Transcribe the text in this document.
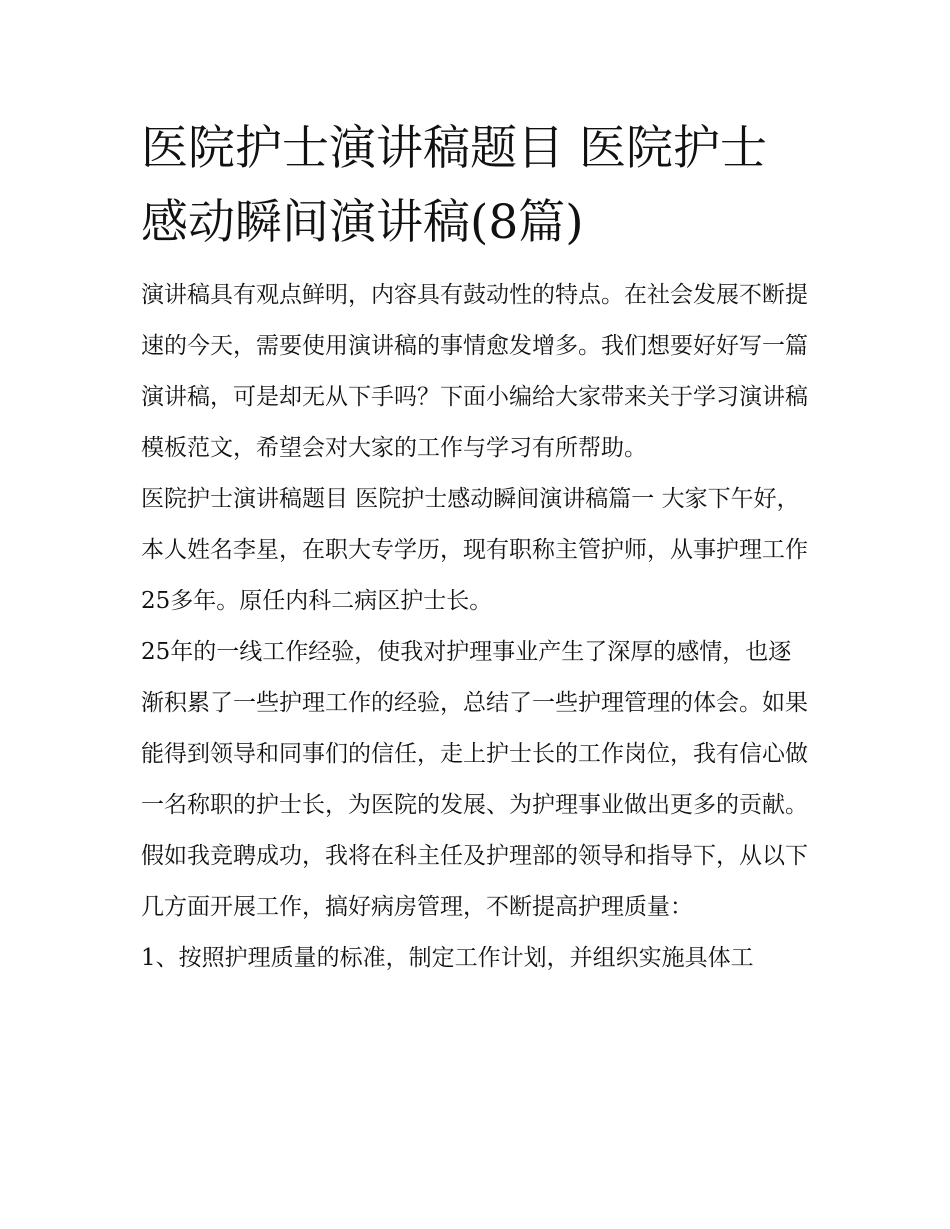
医院护士演讲稿题目 医院护士感动瞬间演讲稿(8篇)

演讲稿具有观点鲜明，内容具有鼓动性的特点。在社会发展不断提速的今天，需要使用演讲稿的事情愈发增多。我们想要好好写一篇演讲稿，可是却无从下手吗？下面小编给大家带来关于学习演讲稿模板范文，希望会对大家的工作与学习有所帮助。

医院护士演讲稿题目 医院护士感动瞬间演讲稿篇一 大家下午好，本人姓名李星，在职大专学历，现有职称主管护师，从事护理工作25多年。原任内科二病区护士长。

25年的一线工作经验，使我对护理事业产生了深厚的感情，也逐渐积累了一些护理工作的经验，总结了一些护理管理的体会。如果能得到领导和同事们的信任，走上护士长的工作岗位，我有信心做一名称职的护士长，为医院的发展、为护理事业做出更多的贡献。

假如我竞聘成功，我将在科主任及护理部的领导和指导下，从以下几方面开展工作，搞好病房管理，不断提高护理质量：

1、按照护理质量的标准，制定工作计划，并组织实施具体工
